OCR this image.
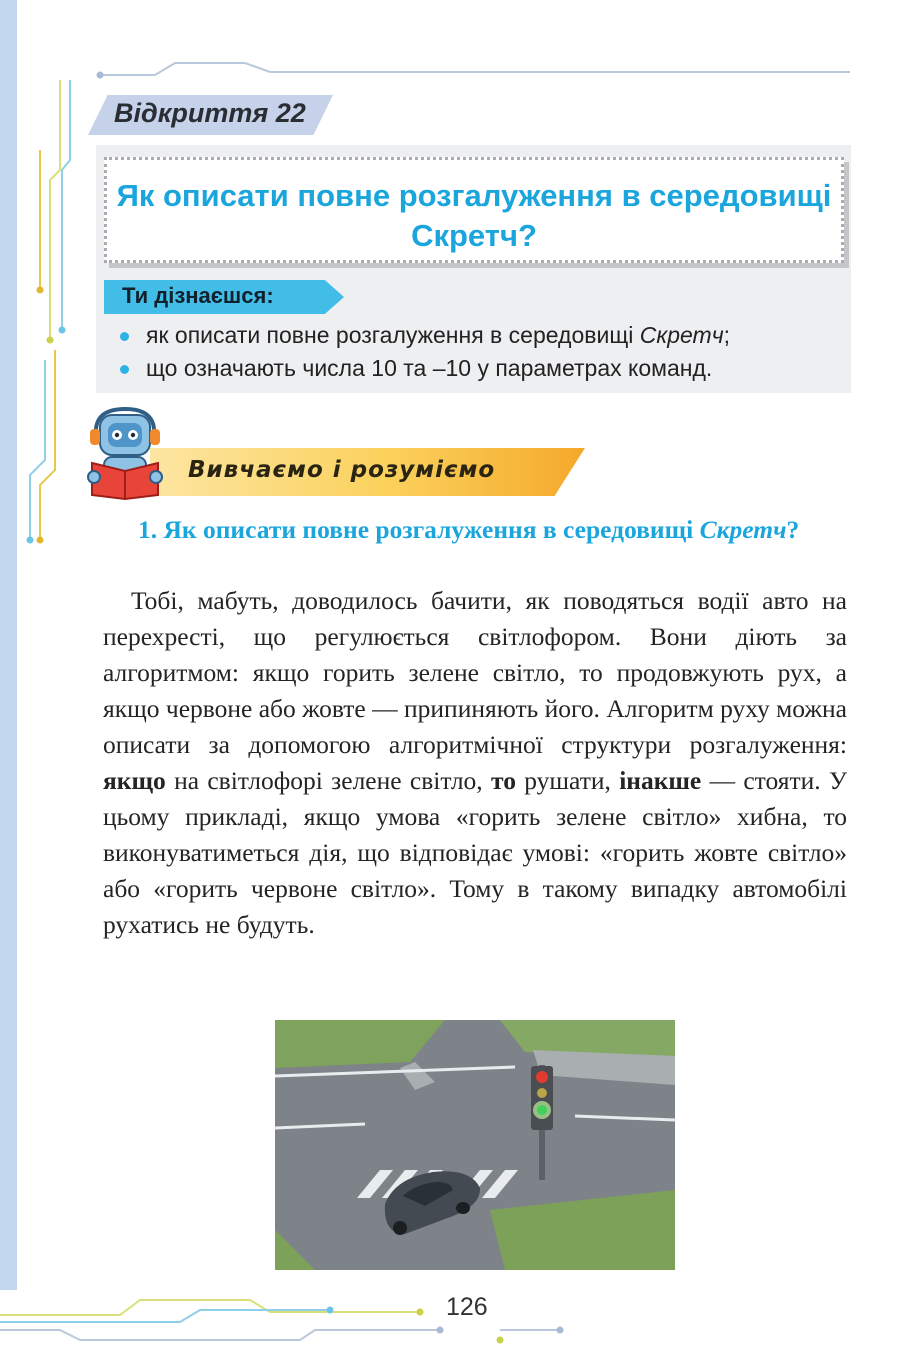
Відкриття 22
Як описати повне розгалуження в середовищі Скретч?
Ти дізнаєшся:
як описати повне розгалуження в середовищі Скретч;
що означають числа 10 та –10 у параметрах команд.
Вивчаємо і розуміємо
1. Як описати повне розгалуження в середовищі Скретч?
Тобі, мабуть, доводилось бачити, як поводяться водії авто на перехресті, що регулюється світлофором. Вони діють за алгоритмом: якщо горить зелене світло, то продовжують рух, а якщо червоне або жовте — припиняють його. Алгоритм руху можна описати за допомогою алгоритмічної структури розгалуження: якщо на світлофорі зелене світло, то рушати, інакше — стояти. У цьому прикладі, якщо умова «горить зелене світло» хибна, то виконуватиметься дія, що відповідає умові: «горить жовте світло» або «горить червоне світло». Тому в такому випадку автомобілі рухатись не будуть.
126
